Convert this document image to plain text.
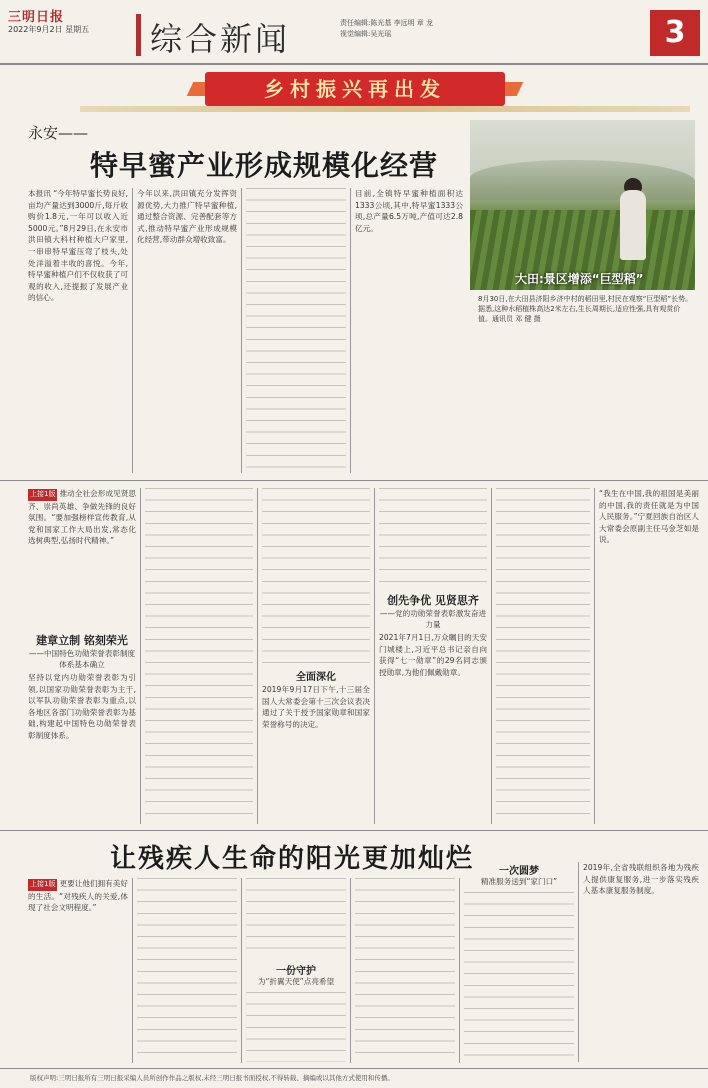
三明日报
2022年9月2日 星期五 综合新闻	责任编辑:陈光基 李远明 章 龙
视觉编辑:吴光瑶	3
乡村振兴再出发
永安——
特早蜜产业形成规模化经营
大田:景区增添“巨型稻”
8月30日,在大田县济阳乡济中村的稻田里,村民在观察“巨型稻”长势。据悉,这种水稻植株高达2米左右,生长周期长,适应性强,具有观赏价值。通讯员 邓 健 摄
本报讯 “今年特早蜜长势良好,亩均产量达到3000斤,每斤收购价1.8元,一年可以收入近5000元。”8月29日,在永安市洪田镇大科村种植大户家里,一串串特早蜜压弯了枝头,处处洋溢着丰收的喜悦。今年,特早蜜种植户们不仅收获了可观的收入,还提振了发展产业的信心。
今年以来,洪田镇充分发挥资源优势,大力推广特早蜜种植,通过整合资源、完善配套等方式,推动特早蜜产业形成规模化经营,带动群众增收致富。
目前,全镇特早蜜种植面积达1333公顷,其中,特早蜜1333公顷,总产量6.5万吨,产值可达2.8亿元。
上接1版 推动全社会形成见贤思齐、崇尚英雄、争做先锋的良好氛围。“要加强榜样宣传教育,从党和国家工作大局出发,常态化选树典型,弘扬时代精神。”
建章立制 铭刻荣光
——中国特色功勋荣誉表彰制度体系基本确立
坚持以党内功勋荣誉表彰为引领,以国家功勋荣誉表彰为主干,以军队功勋荣誉表彰为重点,以各地区各部门功勋荣誉表彰为基础,构建起中国特色功勋荣誉表彰制度体系。
全面深化
2019年9月17日下午,十三届全国人大常委会第十三次会议表决通过了关于授予国家勋章和国家荣誉称号的决定。
创先争优 见贤思齐
——党的功勋荣誉表彰激发奋进力量
2021年7月1日,万众瞩目的天安门城楼上,习近平总书记亲自向获得“七一勋章”的29名同志颁授勋章,为他们佩戴勋章。
“我生在中国,我的祖国是美丽的中国,我的责任就是为中国人民服务。”宁夏回族自治区人大常委会原副主任马金芝如是说。
让残疾人生命的阳光更加灿烂
上接1版 更要让他们拥有美好的生活。“对残疾人的关爱,体现了社会文明程度。”
一份守护
为“折翼天使”点亮希望
一次圆梦
精准服务送到“家门口”
2019年,全省残联组织各地为残疾人提供康复服务,进一步落实残疾人基本康复服务制度。
版权声明:三明日报所有三明日报采编人员所创作作品之版权,未经三明日报书面授权,不得转载、摘编或以其他方式使用和传播。
